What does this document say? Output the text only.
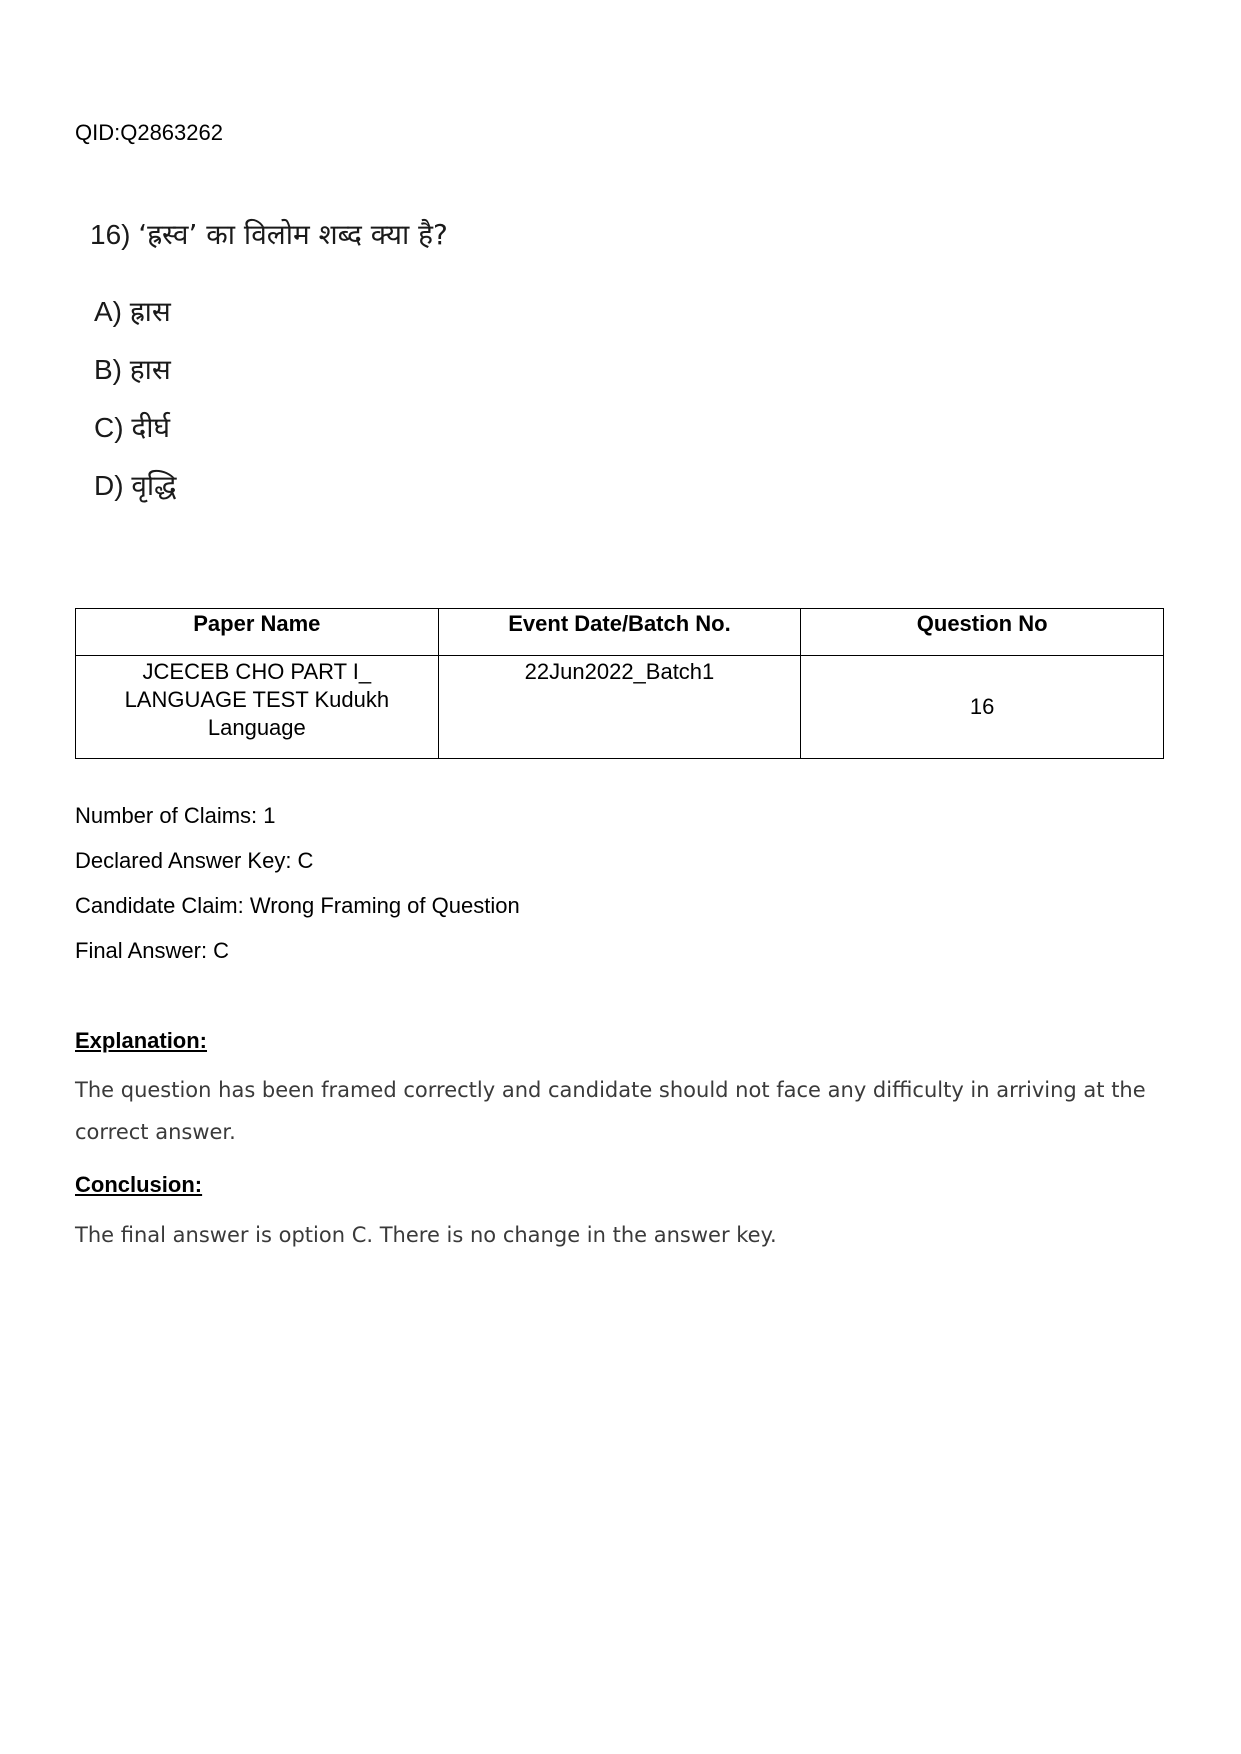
QID:Q2863262
16) ‘ह्रस्व’ का विलोम शब्द क्या है?
A) ह्रास
B) हास
C) दीर्घ
D) वृद्धि
Paper Name	Event Date/Batch No.	Question No
JCECEB CHO PART I_ LANGUAGE TEST Kudukh Language	22Jun2022_Batch1	16
Number of Claims: 1
Declared Answer Key: C
Candidate Claim: Wrong Framing of Question
Final Answer: C
Explanation:
The question has been framed correctly and candidate should not face any difficulty in arriving at the correct answer.
Conclusion:
The final answer is option C. There is no change in the answer key.
